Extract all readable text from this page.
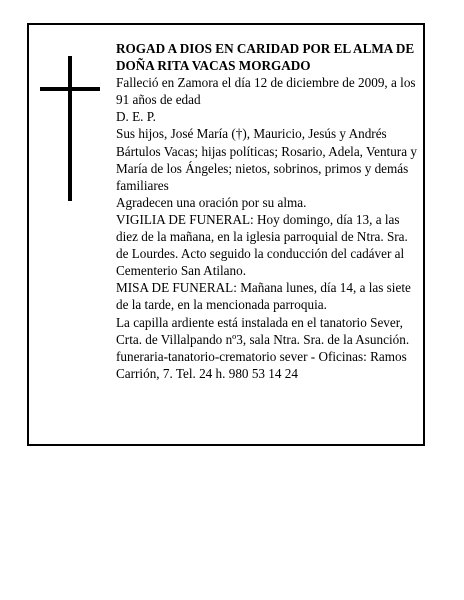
ROGAD A DIOS EN CARIDAD POR EL ALMA DE

DOÑA RITA VACAS MORGADO

Falleció en Zamora el día 12 de diciembre de 2009, a los 91 años de edad

D. E. P.

Sus hijos, José María (†), Mauricio, Jesús y Andrés Bártulos Vacas; hijas políticas; Rosario, Adela, Ventura y María de los Ángeles; nietos, sobrinos, primos y demás familiares

Agradecen una oración por su alma.

VIGILIA DE FUNERAL: Hoy domingo, día 13, a las diez de la mañana, en la iglesia parroquial de Ntra. Sra. de Lourdes. Acto seguido la conducción del cadáver al Cementerio San Atilano.

MISA DE FUNERAL: Mañana lunes, día 14, a las siete de la tarde, en la mencionada parroquia.

La capilla ardiente está instalada en el tanatorio Sever, Crta. de Villalpando nº3, sala Ntra. Sra. de la Asunción.

funeraria-tanatorio-crematorio sever - Oficinas: Ramos Carrión, 7. Tel. 24 h. 980 53 14 24
